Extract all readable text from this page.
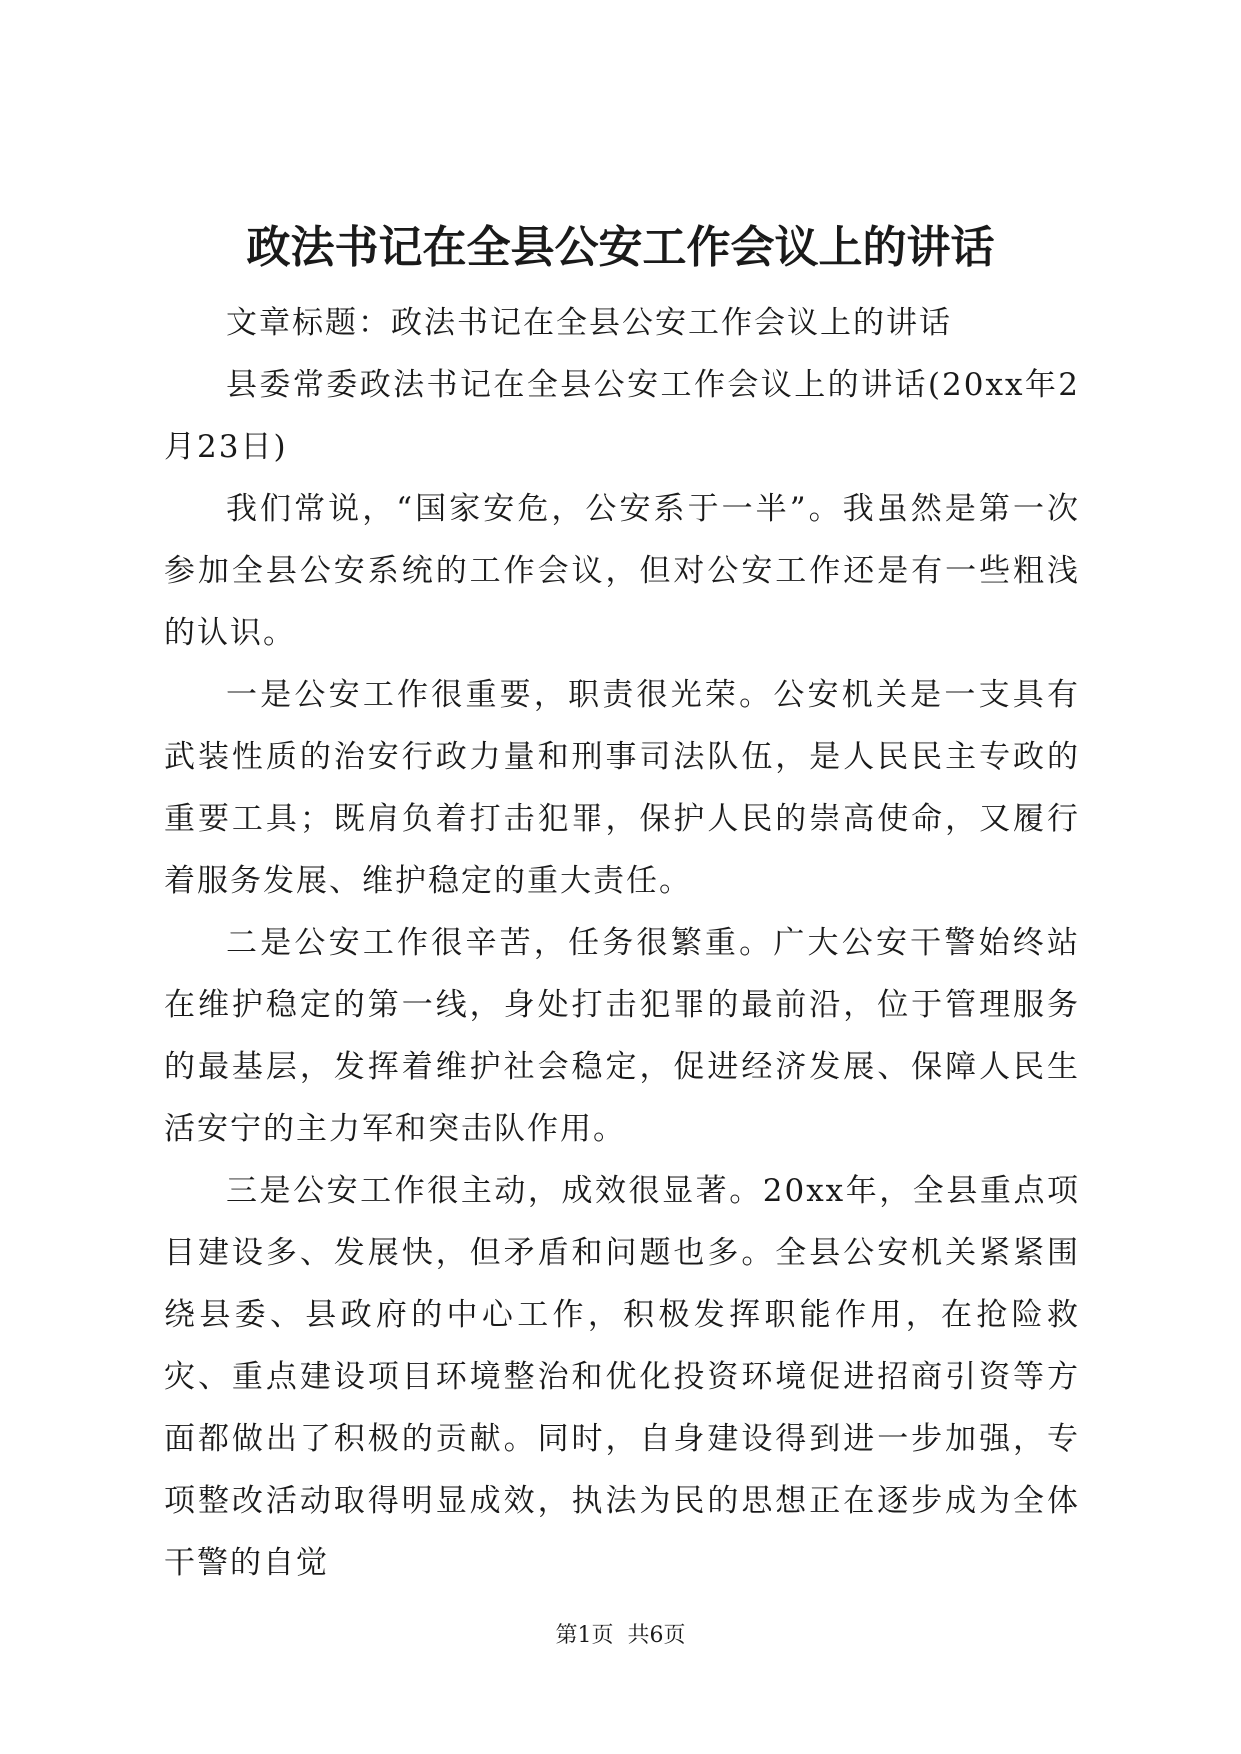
政法书记在全县公安工作会议上的讲话

文章标题：政法书记在全县公安工作会议上的讲话

县委常委政法书记在全县公安工作会议上的讲话(20xx年2月23日)

我们常说，“国家安危，公安系于一半”。我虽然是第一次参加全县公安系统的工作会议，但对公安工作还是有一些粗浅的认识。

一是公安工作很重要，职责很光荣。公安机关是一支具有武装性质的治安行政力量和刑事司法队伍，是人民民主专政的重要工具；既肩负着打击犯罪，保护人民的崇高使命，又履行着服务发展、维护稳定的重大责任。

二是公安工作很辛苦，任务很繁重。广大公安干警始终站在维护稳定的第一线，身处打击犯罪的最前沿，位于管理服务的最基层，发挥着维护社会稳定，促进经济发展、保障人民生活安宁的主力军和突击队作用。

三是公安工作很主动，成效很显著。20xx年，全县重点项目建设多、发展快，但矛盾和问题也多。全县公安机关紧紧围绕县委、县政府的中心工作，积极发挥职能作用，在抢险救灾、重点建设项目环境整治和优化投资环境促进招商引资等方面都做出了积极的贡献。同时，自身建设得到进一步加强，专项整改活动取得明显成效，执法为民的思想正在逐步成为全体干警的自觉

第1页 共6页
